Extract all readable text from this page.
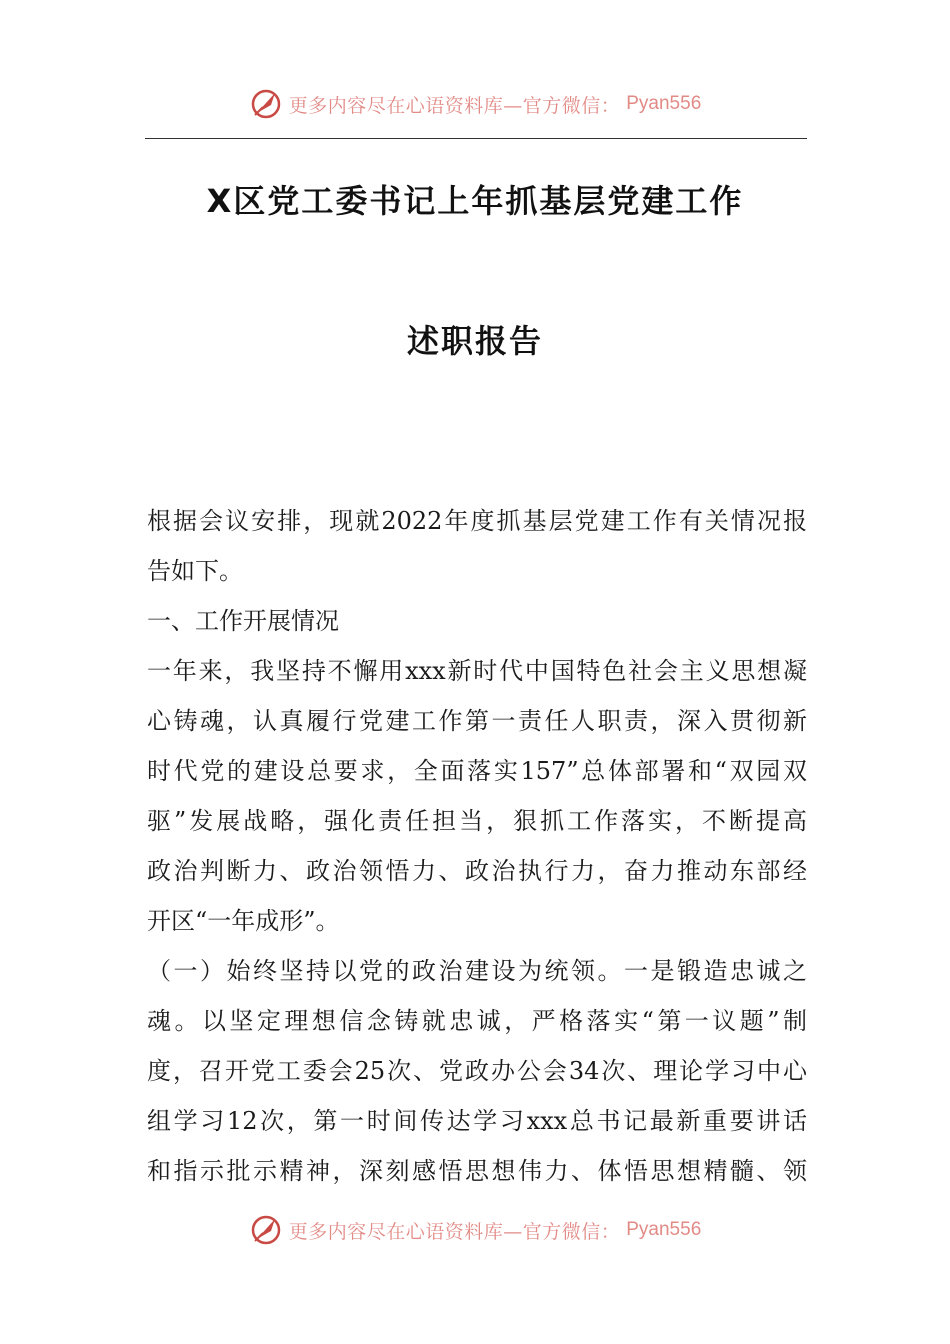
更多内容尽在心语资料库—官方微信： Pyan556
X区党工委书记上年抓基层党建工作
述职报告
根据会议安排，现就2022年度抓基层党建工作有关情况报
告如下。
一、工作开展情况
一年来，我坚持不懈用xxx新时代中国特色社会主义思想凝
心铸魂，认真履行党建工作第一责任人职责，深入贯彻新
时代党的建设总要求，全面落实157”总体部署和“双园双
驱”发展战略，强化责任担当，狠抓工作落实，不断提高
政治判断力、政治领悟力、政治执行力，奋力推动东部经
开区“一年成形”。
（一）始终坚持以党的政治建设为统领。一是锻造忠诚之
魂。以坚定理想信念铸就忠诚，严格落实“第一议题”制
度，召开党工委会25次、党政办公会34次、理论学习中心
组学习12次，第一时间传达学习xxx总书记最新重要讲话
和指示批示精神，深刻感悟思想伟力、体悟思想精髓、领
更多内容尽在心语资料库—官方微信： Pyan556
